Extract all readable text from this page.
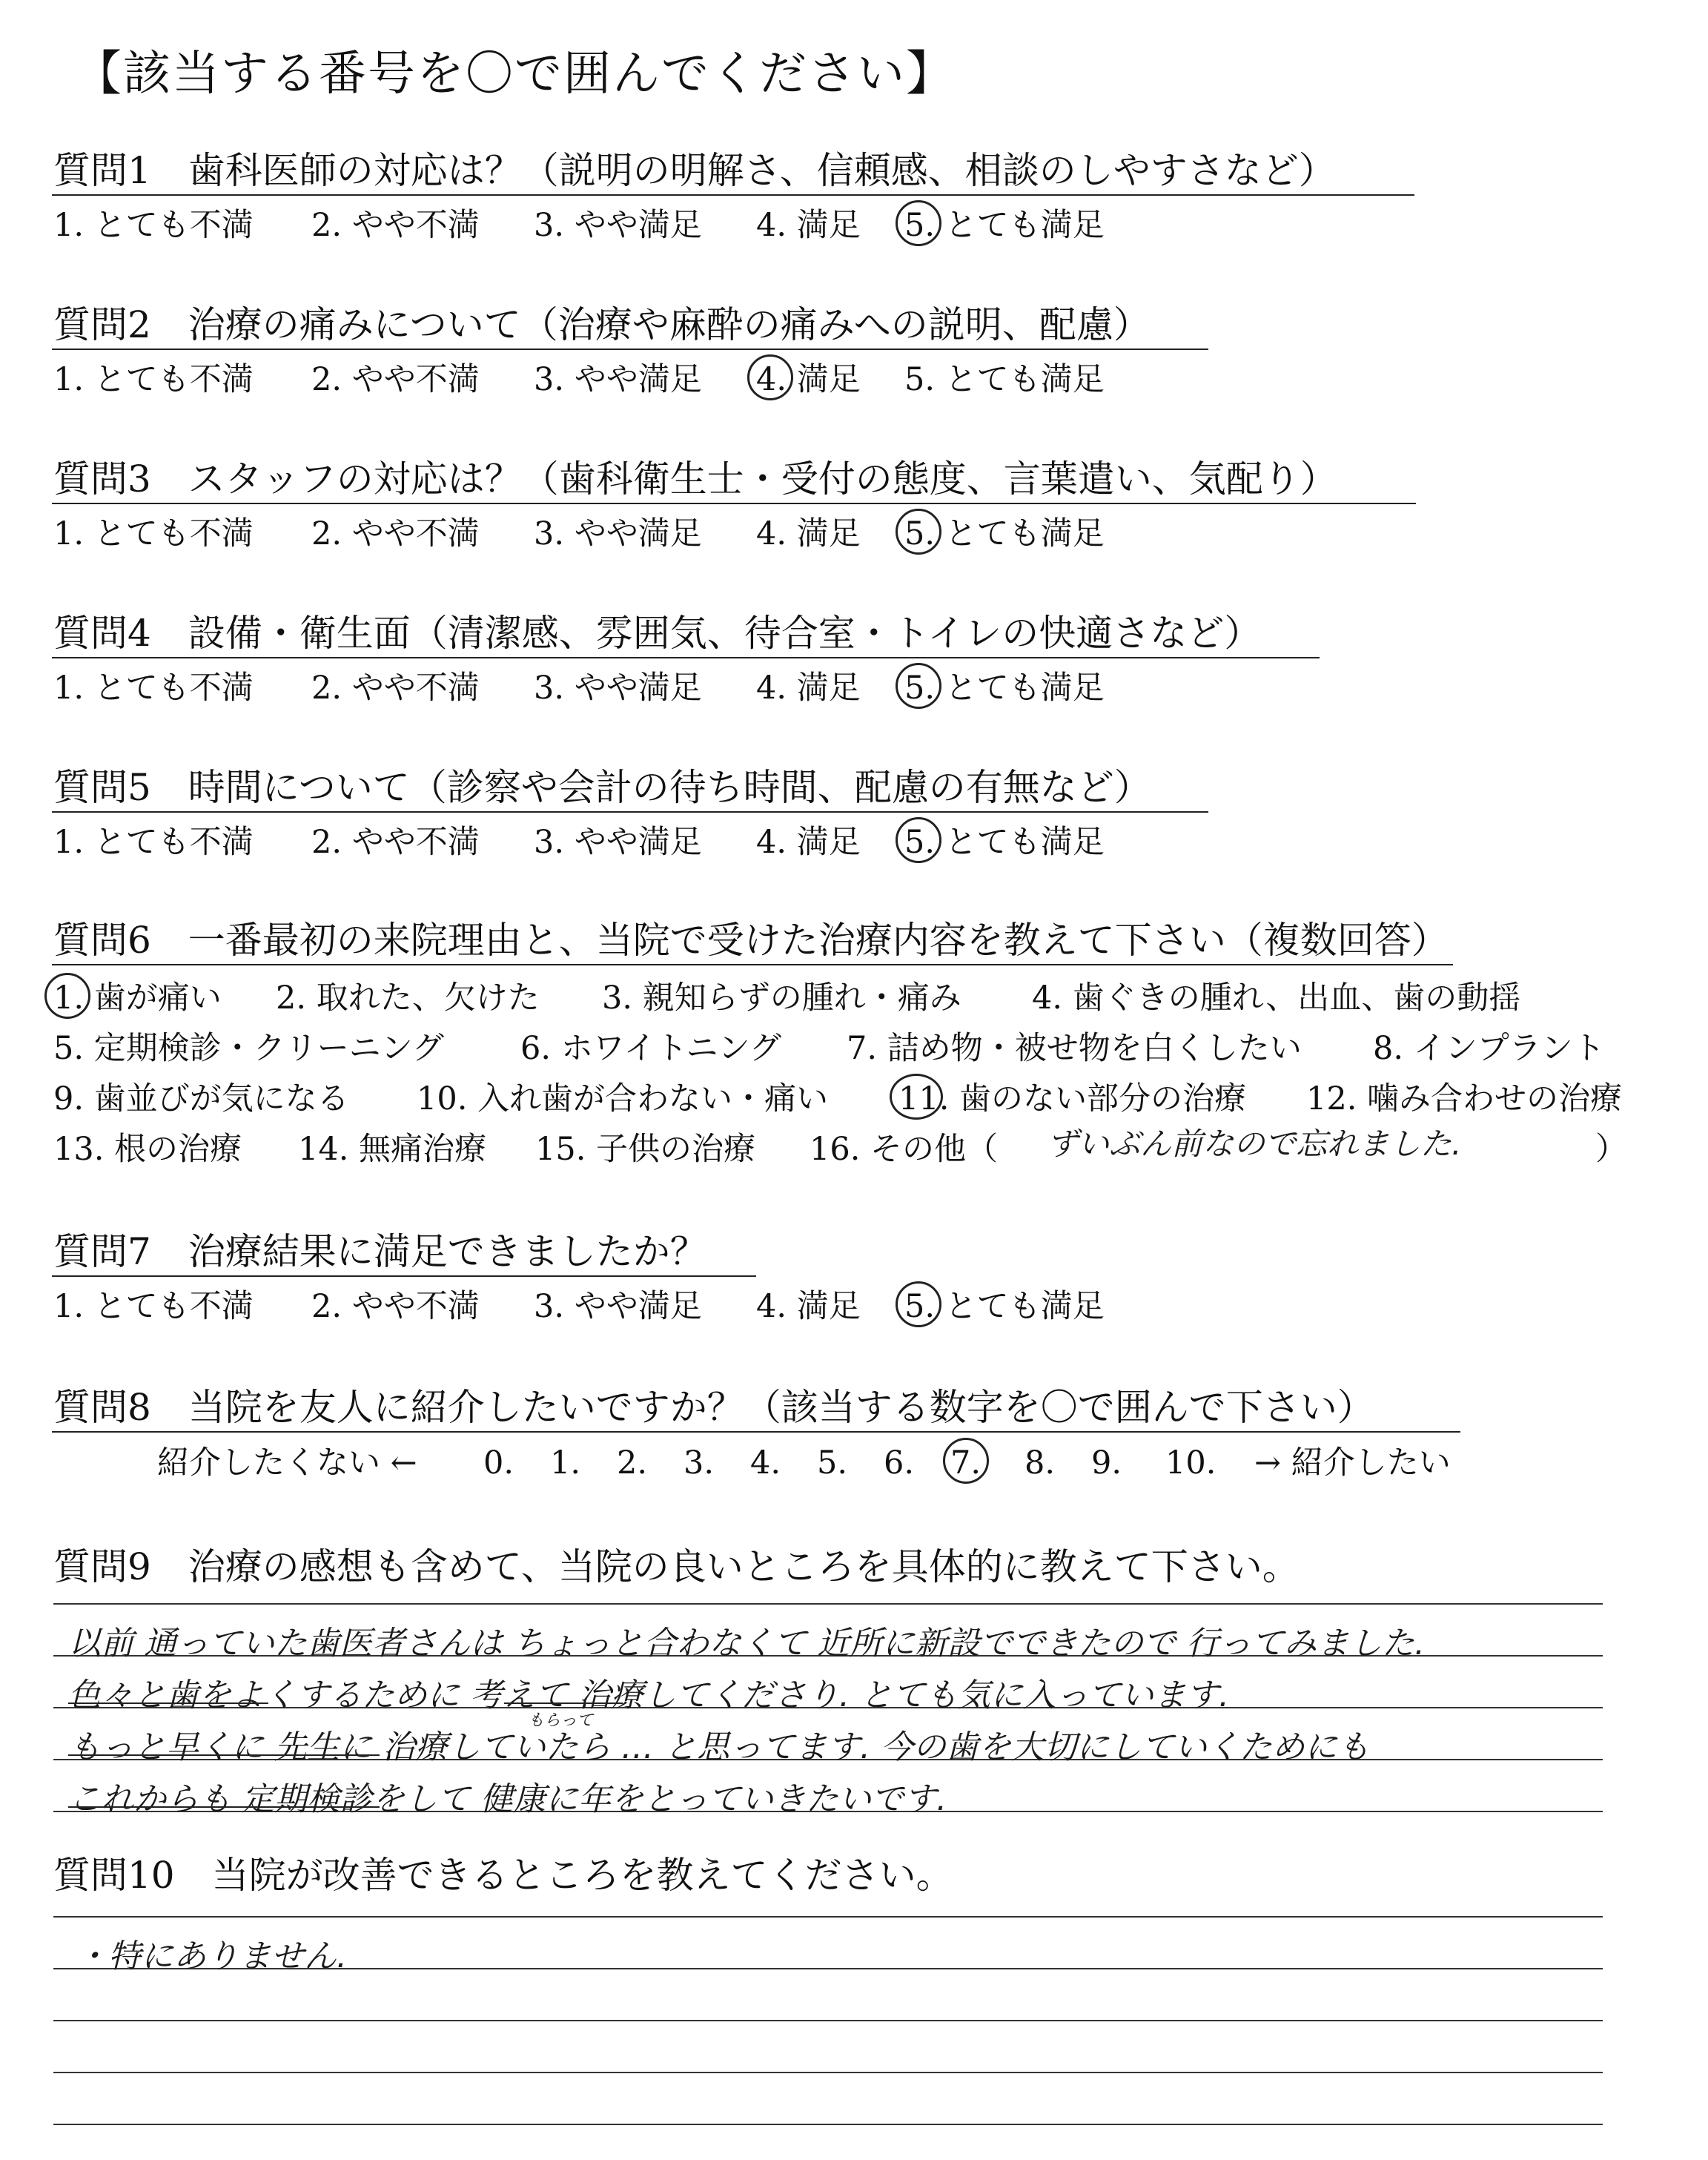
【該当する番号を〇で囲んでください】
質問1　歯科医師の対応は？（説明の明解さ、信頼感、相談のしやすさなど）
1. とても不満 2. やや不満 3. やや満足 4. 満足 5. とても満足
質問2　治療の痛みについて（治療や麻酔の痛みへの説明、配慮）
1. とても不満 2. やや不満 3. やや満足 4. 満足 5. とても満足
質問3　スタッフの対応は？（歯科衛生士・受付の態度、言葉遣い、気配り）
1. とても不満 2. やや不満 3. やや満足 4. 満足 5. とても満足
質問4　設備・衛生面（清潔感、雰囲気、待合室・トイレの快適さなど）
1. とても不満 2. やや不満 3. やや満足 4. 満足 5. とても満足
質問5　時間について（診察や会計の待ち時間、配慮の有無など）
1. とても不満 2. やや不満 3. やや満足 4. 満足 5. とても満足
質問6　一番最初の来院理由と、当院で受けた治療内容を教えて下さい（複数回答）
1. 歯が痛い 2. 取れた、欠けた 3. 親知らずの腫れ・痛み 4. 歯ぐきの腫れ、出血、歯の動揺
5. 定期検診・クリーニング 6. ホワイトニング 7. 詰め物・被せ物を白くしたい 8. インプラント
9. 歯並びが気になる 10. 入れ歯が合わない・痛い 11. 歯のない部分の治療 12. 噛み合わせの治療
13. 根の治療 14. 無痛治療 15. 子供の治療 16. その他（ ずいぶん前なので忘れました.	）
質問7　治療結果に満足できましたか？
1. とても不満 2. やや不満 3. やや満足 4. 満足 5. とても満足
質問8　当院を友人に紹介したいですか？（該当する数字を〇で囲んで下さい）
紹介したくない ← 0. 1. 2. 3. 4. 5. 6. 7. 8. 9. 10. → 紹介したい
質問9　治療の感想も含めて、当院の良いところを具体的に教えて下さい。
以前 通っていた歯医者さんは ちょっと合わなくて 近所に新設でできたので 行ってみました.
色々と歯をよくするために 考えて 治療してくださり. とても気に入っています.
もらって
もっと早くに 先生に 治療していたら … と思ってます. 今の歯を大切にしていくためにも
これからも 定期検診をして 健康に年をとっていきたいです.
質問10　当院が改善できるところを教えてください。
・特にありません.
